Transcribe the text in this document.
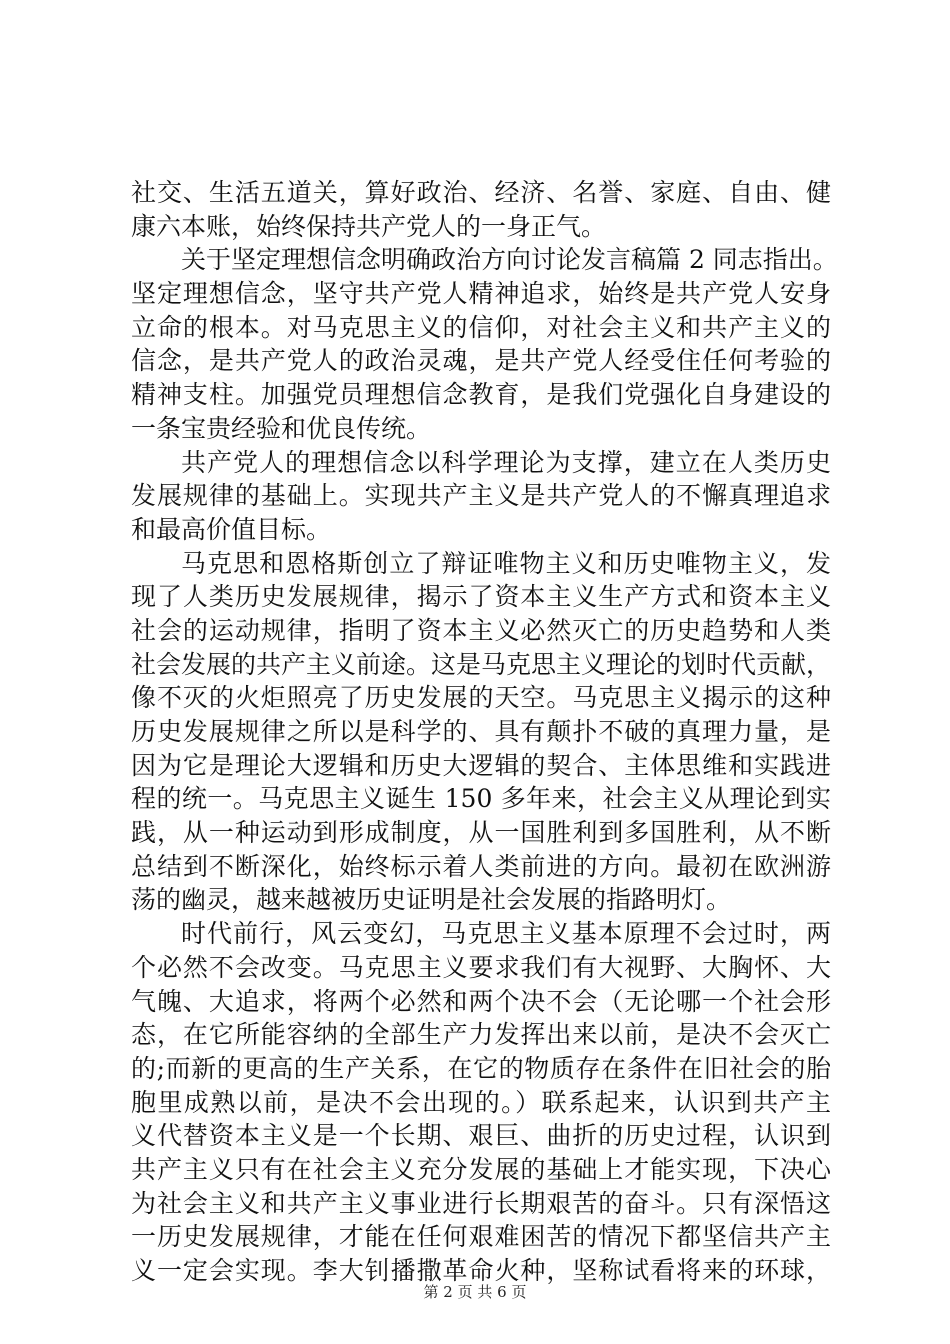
社交、生活五道关，算好政治、经济、名誉、家庭、自由、健
康六本账，始终保持共产党人的一身正气。
关于坚定理想信念明确政治方向讨论发言稿篇 2 同志指出。
坚定理想信念，坚守共产党人精神追求，始终是共产党人安身
立命的根本。对马克思主义的信仰，对社会主义和共产主义的
信念，是共产党人的政治灵魂，是共产党人经受住任何考验的
精神支柱。加强党员理想信念教育，是我们党强化自身建设的
一条宝贵经验和优良传统。
共产党人的理想信念以科学理论为支撑，建立在人类历史
发展规律的基础上。实现共产主义是共产党人的不懈真理追求
和最高价值目标。
马克思和恩格斯创立了辩证唯物主义和历史唯物主义，发
现了人类历史发展规律，揭示了资本主义生产方式和资本主义
社会的运动规律，指明了资本主义必然灭亡的历史趋势和人类
社会发展的共产主义前途。这是马克思主义理论的划时代贡献，
像不灭的火炬照亮了历史发展的天空。马克思主义揭示的这种
历史发展规律之所以是科学的、具有颠扑不破的真理力量，是
因为它是理论大逻辑和历史大逻辑的契合、主体思维和实践进
程的统一。马克思主义诞生 150 多年来，社会主义从理论到实
践，从一种运动到形成制度，从一国胜利到多国胜利，从不断
总结到不断深化，始终标示着人类前进的方向。最初在欧洲游
荡的幽灵，越来越被历史证明是社会发展的指路明灯。
时代前行，风云变幻，马克思主义基本原理不会过时，两
个必然不会改变。马克思主义要求我们有大视野、大胸怀、大
气魄、大追求，将两个必然和两个决不会（无论哪一个社会形
态，在它所能容纳的全部生产力发挥出来以前，是决不会灭亡
的;而新的更高的生产关系，在它的物质存在条件在旧社会的胎
胞里成熟以前，是决不会出现的。）联系起来，认识到共产主
义代替资本主义是一个长期、艰巨、曲折的历史过程，认识到
共产主义只有在社会主义充分发展的基础上才能实现，下决心
为社会主义和共产主义事业进行长期艰苦的奋斗。只有深悟这
一历史发展规律，才能在任何艰难困苦的情况下都坚信共产主
义一定会实现。李大钊播撒革命火种，坚称试看将来的环球，
第 2 页 共 6 页
